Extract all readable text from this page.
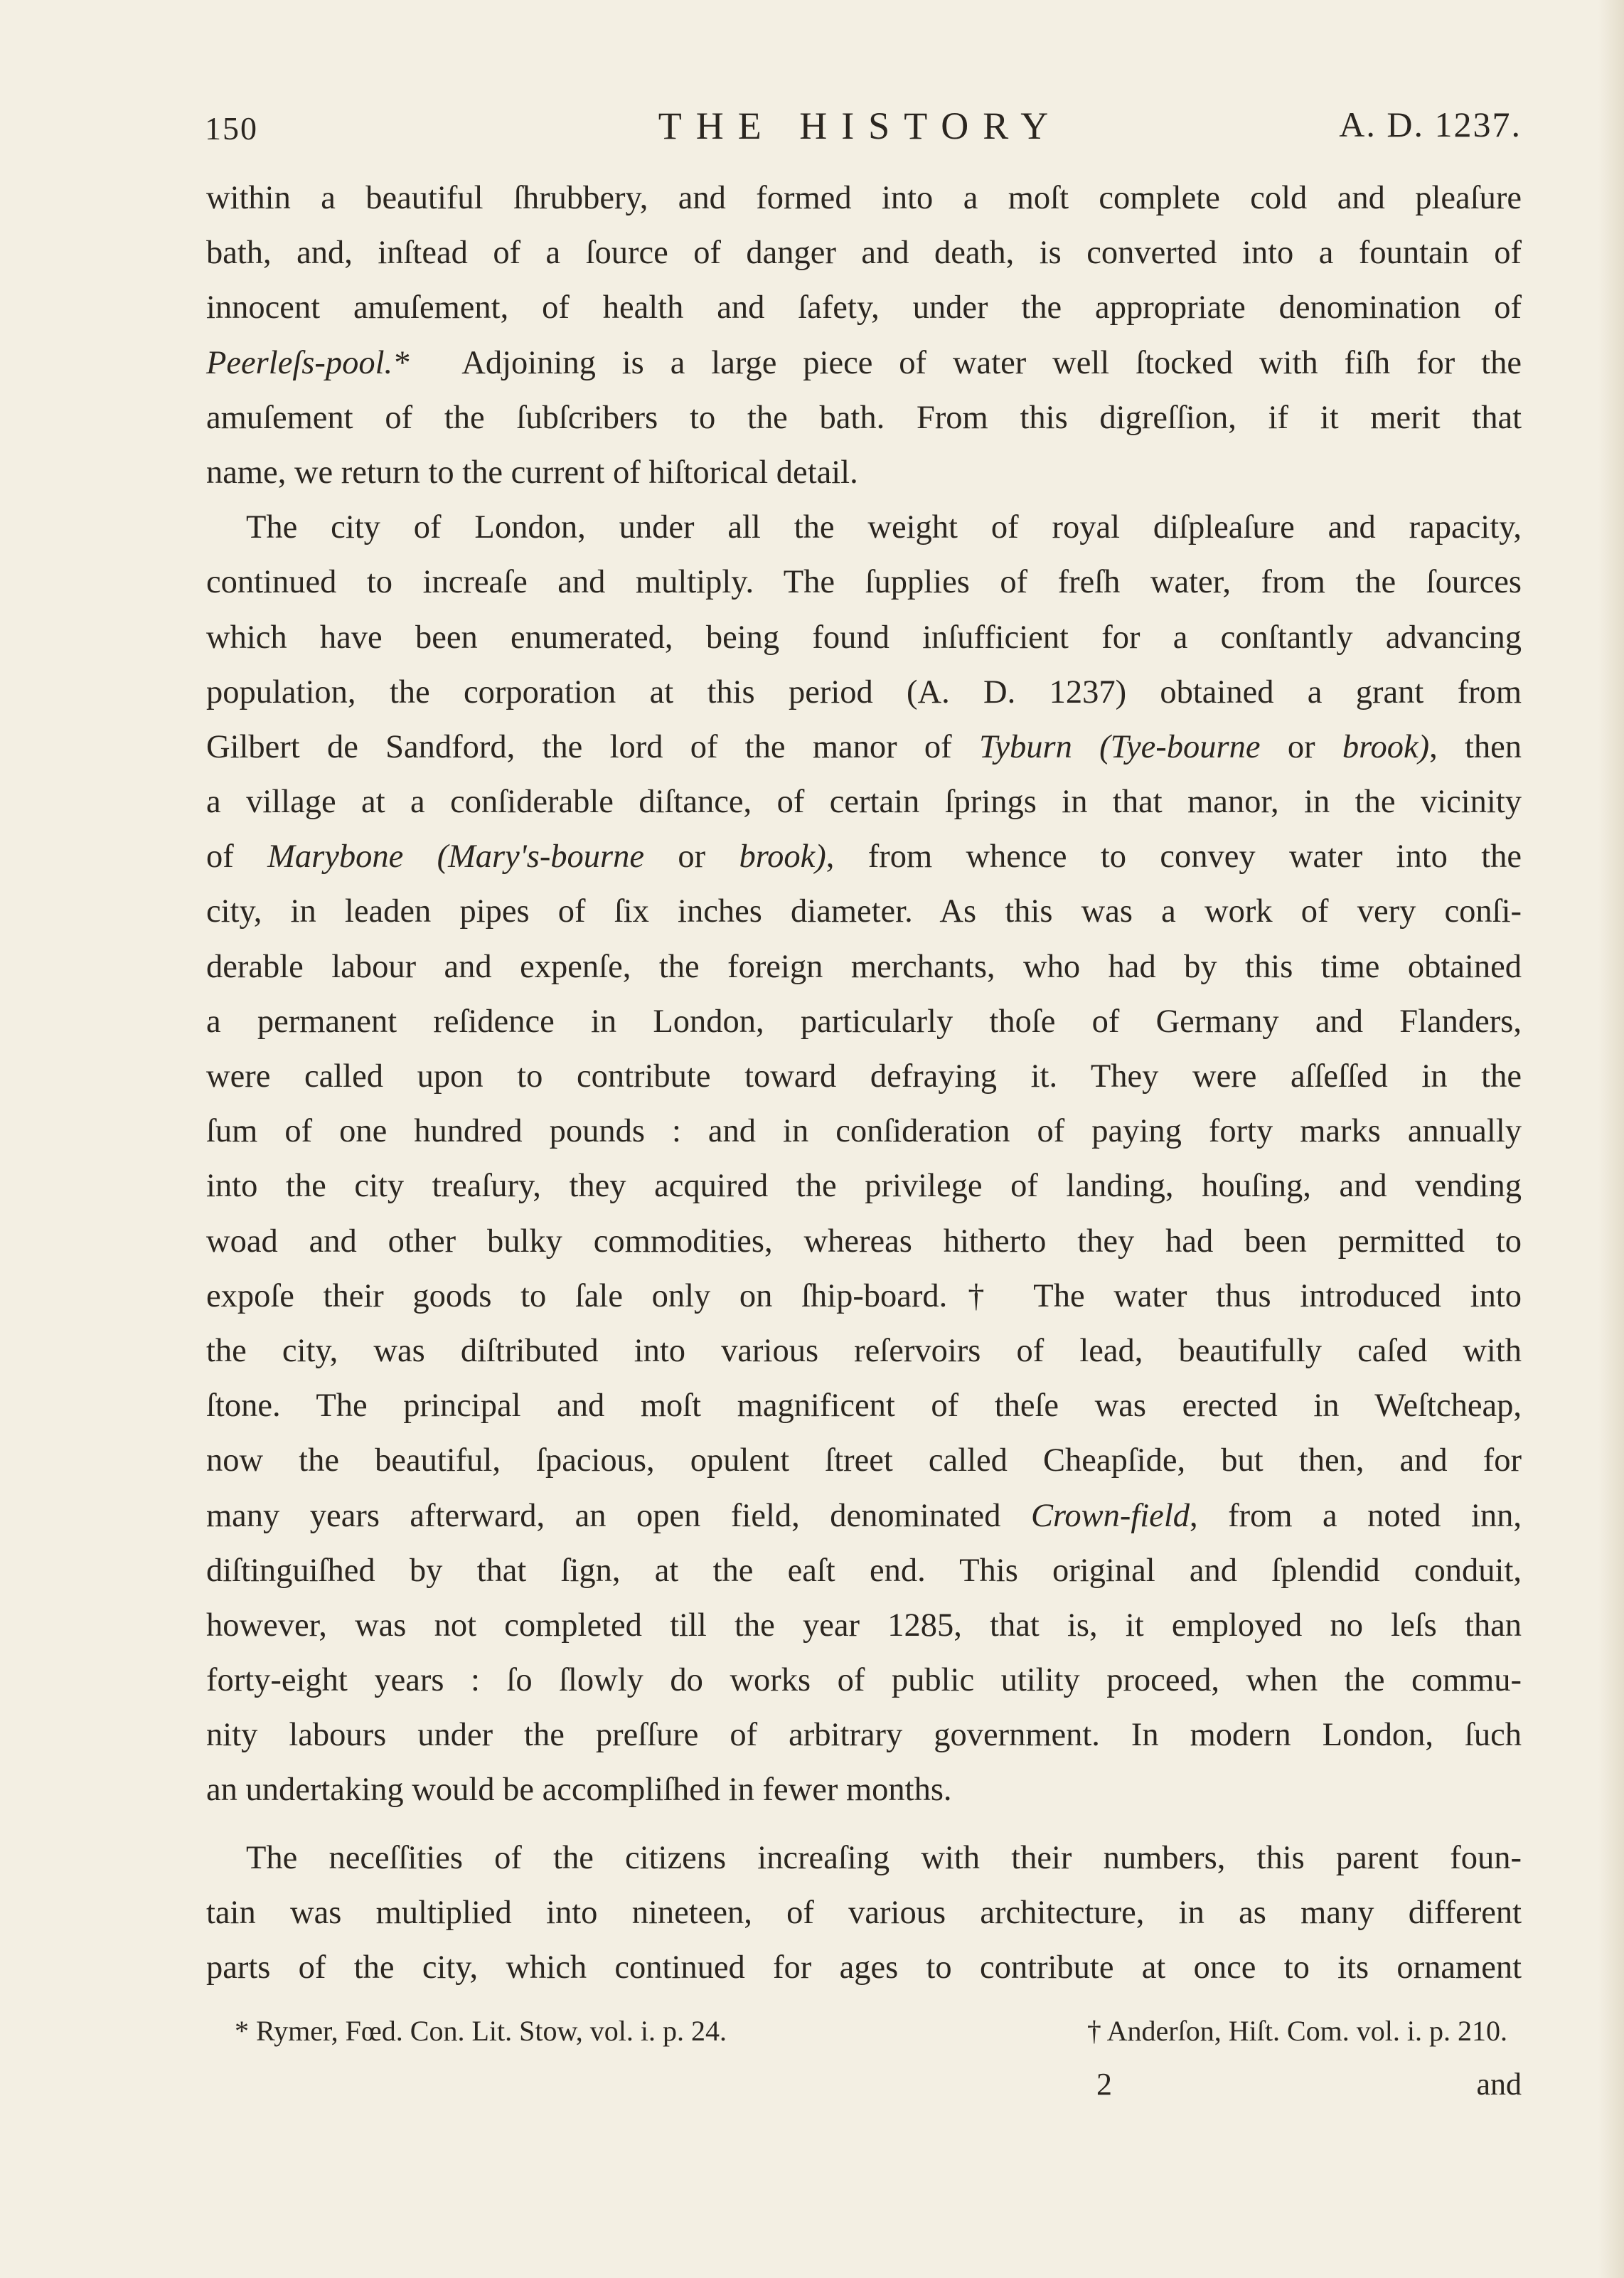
150	THE HISTORY	A. D. 1237.
within a beautiful ſhrubbery, and formed into a moſt complete cold and pleaſure
bath, and, inſtead of a ſource of danger and death, is converted into a fountain of
innocent amuſement, of health and ſafety, under the appropriate denomination of
Peerleſs-pool.* Adjoining is a large piece of water well ſtocked with fiſh for the
amuſement of the ſubſcribers to the bath. From this digreſſion, if it merit that
name, we return to the current of hiſtorical detail.
The city of London, under all the weight of royal diſpleaſure and rapacity,
continued to increaſe and multiply. The ſupplies of freſh water, from the ſources
which have been enumerated, being found inſufficient for a conſtantly advancing
population, the corporation at this period (A. D. 1237) obtained a grant from
Gilbert de Sandford, the lord of the manor of Tyburn (Tye-bourne or brook), then
a village at a conſiderable diſtance, of certain ſprings in that manor, in the vicinity
of Marybone (Mary's-bourne or brook), from whence to convey water into the
city, in leaden pipes of ſix inches diameter. As this was a work of very conſi-
derable labour and expenſe, the foreign merchants, who had by this time obtained
a permanent reſidence in London, particularly thoſe of Germany and Flanders,
were called upon to contribute toward defraying it. They were aſſeſſed in the
ſum of one hundred pounds : and in conſideration of paying forty marks annually
into the city treaſury, they acquired the privilege of landing, houſing, and vending
woad and other bulky commodities, whereas hitherto they had been permitted to
expoſe their goods to ſale only on ſhip-board.† The water thus introduced into
the city, was diſtributed into various reſervoirs of lead, beautifully caſed with
ſtone. The principal and moſt magnificent of theſe was erected in Weſtcheap,
now the beautiful, ſpacious, opulent ſtreet called Cheapſide, but then, and for
many years afterward, an open field, denominated Crown-field, from a noted inn,
diſtinguiſhed by that ſign, at the eaſt end. This original and ſplendid conduit,
however, was not completed till the year 1285, that is, it employed no leſs than
forty-eight years : ſo ſlowly do works of public utility proceed, when the commu-
nity labours under the preſſure of arbitrary government. In modern London, ſuch
an undertaking would be accompliſhed in fewer months.
The neceſſities of the citizens increaſing with their numbers, this parent foun-
tain was multiplied into nineteen, of various architecture, in as many different
parts of the city, which continued for ages to contribute at once to its ornament
* Rymer, Fœd. Con. Lit. Stow, vol. i. p. 24.	† Anderſon, Hiſt. Com. vol. i. p. 210.
2	and
